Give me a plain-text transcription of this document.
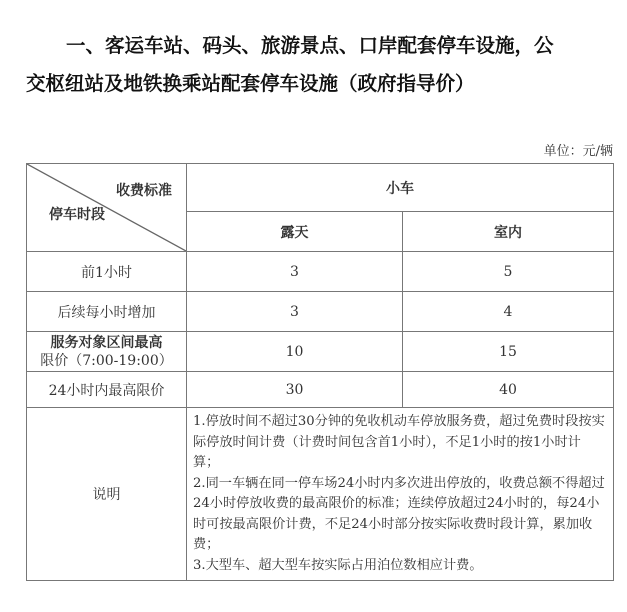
一、客运车站、码头、旅游景点、口岸配套停车设施，公
交枢纽站及地铁换乘站配套停车设施（政府指导价）
单位：元/辆
收费标准
停车时段	小车	
	露天	室内
前1小时	3	5
后续每小时增加	3	4

服务对象区间最高
限价（7:00-19:00）	10	15
24小时内最高限价	30	40
说明	1.停放时间不超过30分钟的免收机动车停放服务费，超过免费时段按实际停放时间计费（计费时间包含首1小时），不足1小时的按1小时计算；
2.同一车辆在同一停车场24小时内多次进出停放的，收费总额不得超过24小时停放收费的最高限价的标准；连续停放超过24小时的，每24小时可按最高限价计费，不足24小时部分按实际收费时段计算，累加收费；
3.大型车、超大型车按实际占用泊位数相应计费。	
